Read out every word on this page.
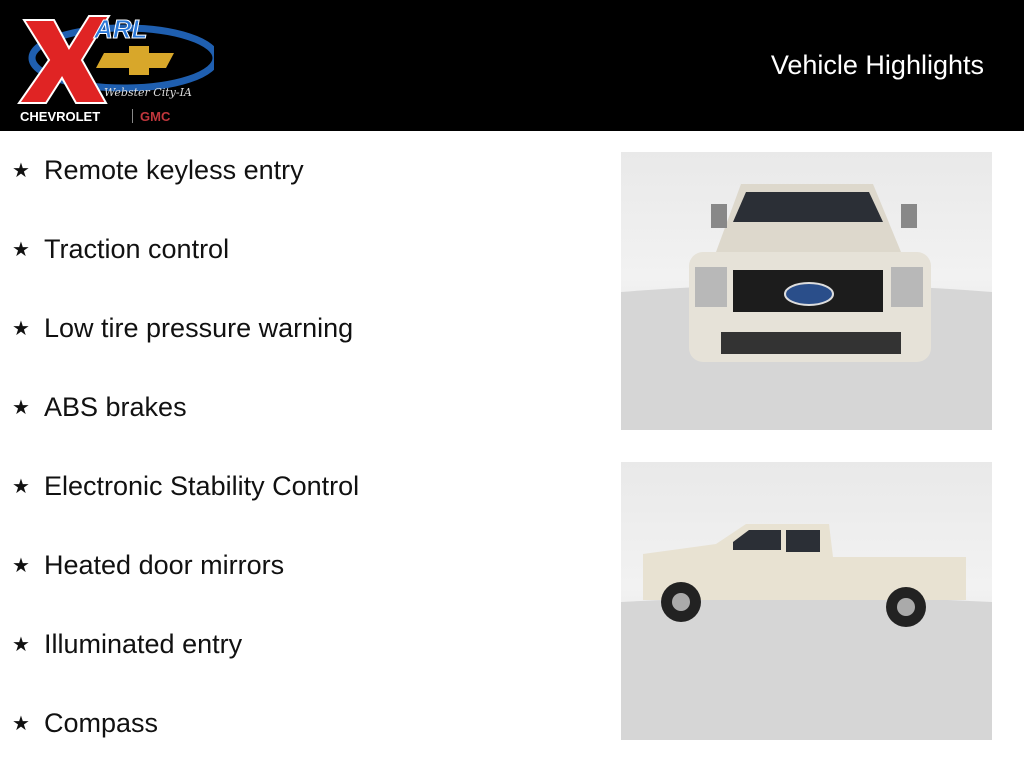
ARL
Webster City-IA
CHEVROLET	GMC
Vehicle Highlights
★ Remote keyless entry
★ Traction control
★ Low tire pressure warning
★ ABS brakes
★ Electronic Stability Control
★ Heated door mirrors
★ Illuminated entry
★ Compass
